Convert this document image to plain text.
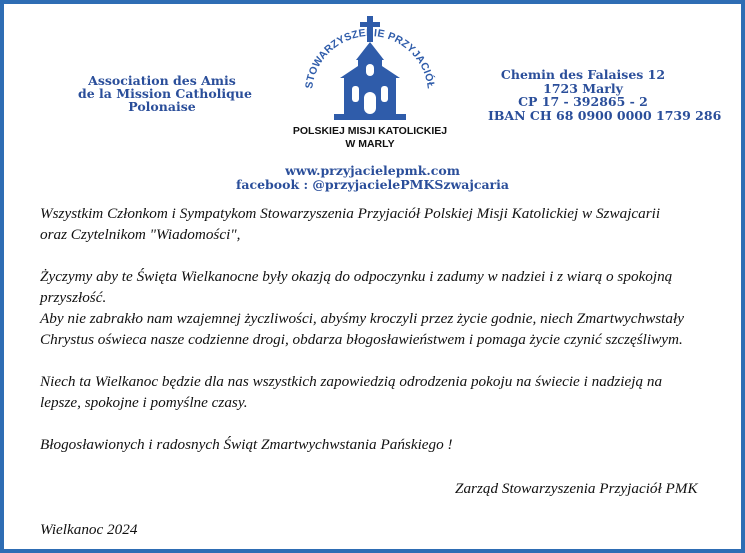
Association des Amis
de la Mission Catholique
Polonaise
STOWARZYSZE IE PRZYJACIÓŁ
POLSKIEJ MISJI KATOLICKIEJ
W MARLY
Chemin des Falaises 12
1723 Marly
CP 17 - 392865 - 2
IBAN CH 68 0900 0000 1739 286
www.przyjacielepmk.com
facebook : @przyjacielePMKSzwajcaria

Wszystkim Członkom i Sympatykom Stowarzyszenia Przyjaciół Polskiej Misji Katolickiej w Szwajcarii

oraz Czytelnikom "Wiadomości",

Życzymy aby te Święta Wielkanocne były okazją do odpoczynku i zadumy w nadziei i z wiarą o spokojną

przyszłość.

Aby nie zabrakło nam wzajemnej życzliwości, abyśmy kroczyli przez życie godnie, niech Zmartwychwstały

Chrystus oświeca nasze codzienne drogi, obdarza błogosławieństwem i pomaga życie czynić szczęśliwym.

Niech ta Wielkanoc będzie dla nas wszystkich zapowiedzią odrodzenia pokoju na świecie i nadzieją na

lepsze, spokojne i pomyślne czasy.

Błogosławionych i radosnych Świąt Zmartwychwstania Pańskiego !

Zarząd Stowarzyszenia Przyjaciół PMK
Wielkanoc 2024
